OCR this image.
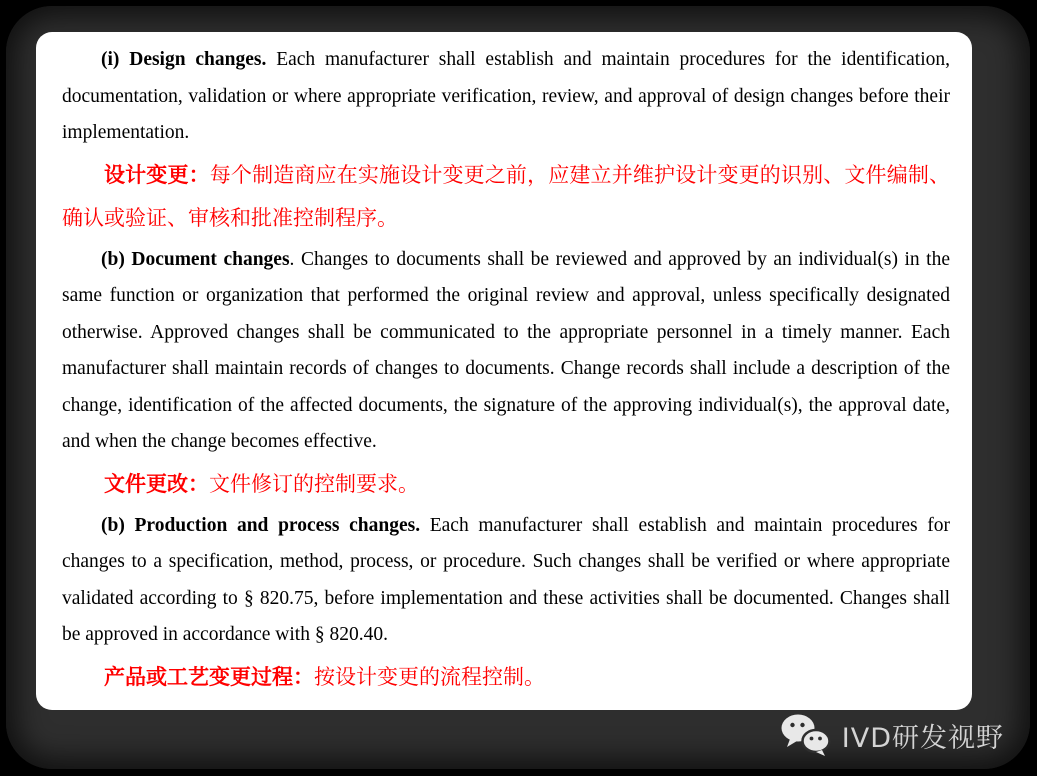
(i) Design changes. Each manufacturer shall establish and maintain procedures for the identification, documentation, validation or where appropriate verification, review, and approval of design changes before their implementation.

设计变更：每个制造商应在实施设计变更之前，应建立并维护设计变更的识别、文件编制、确认或验证、审核和批准控制程序。

(b) Document changes. Changes to documents shall be reviewed and approved by an individual(s) in the same function or organization that performed the original review and approval, unless specifically designated otherwise. Approved changes shall be communicated to the appropriate personnel in a timely manner. Each manufacturer shall maintain records of changes to documents. Change records shall include a description of the change, identification of the affected documents, the signature of the approving individual(s), the approval date, and when the change becomes effective.

文件更改：文件修订的控制要求。

(b) Production and process changes. Each manufacturer shall establish and maintain procedures for changes to a specification, method, process, or procedure. Such changes shall be verified or where appropriate validated according to § 820.75, before implementation and these activities shall be documented. Changes shall be approved in accordance with § 820.40.

产品或工艺变更过程：按设计变更的流程控制。

IVD研发视野
